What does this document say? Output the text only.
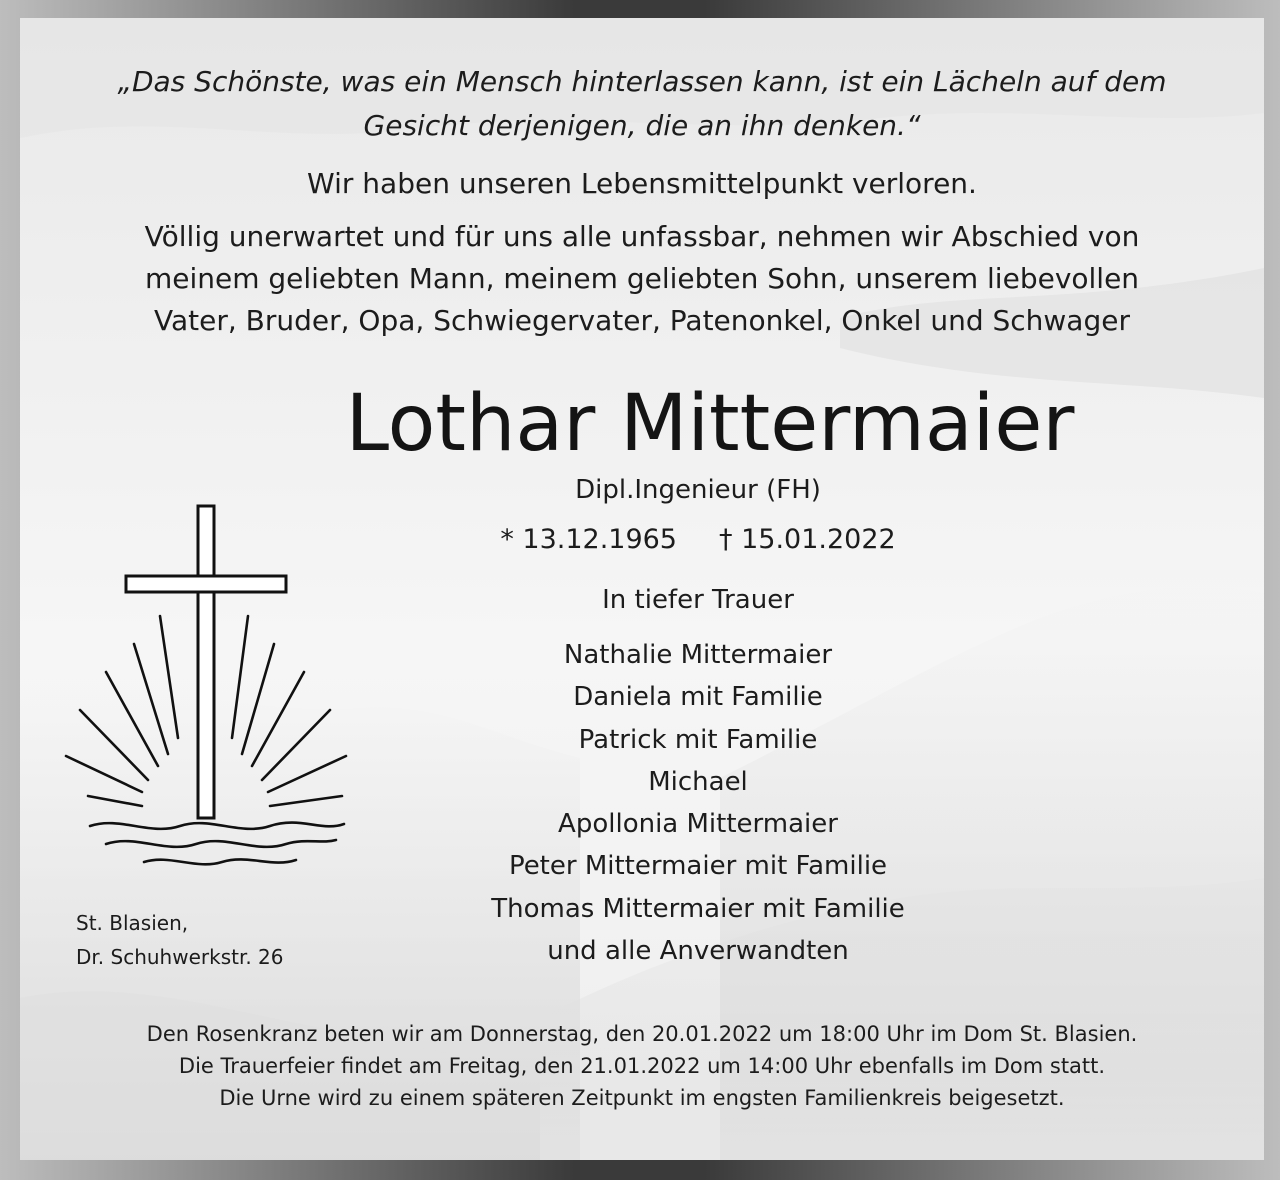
„Das Schönste, was ein Mensch hinterlassen kann, ist ein Lächeln auf dem
Gesicht derjenigen, die an ihn denken.“

Wir haben unseren Lebensmittelpunkt verloren.

Völlig unerwartet und für uns alle unfassbar, nehmen wir Abschied von
meinem geliebten Mann, meinem geliebten Sohn, unserem liebevollen
Vater, Bruder, Opa, Schwiegervater, Patenonkel, Onkel und Schwager

Lothar Mittermaier

Dipl.Ingenieur (FH)

* 13.12.1965 † 15.01.2022

In tiefer Trauer

Nathalie Mittermaier
Daniela mit Familie
Patrick mit Familie
Michael
Apollonia Mittermaier
Peter Mittermaier mit Familie
Thomas Mittermaier mit Familie
und alle Anverwandten

St. Blasien,
Dr. Schuhwerkstr. 26

Den Rosenkranz beten wir am Donnerstag, den 20.01.2022 um 18:00 Uhr im Dom St. Blasien.
Die Trauerfeier findet am Freitag, den 21.01.2022 um 14:00 Uhr ebenfalls im Dom statt.
Die Urne wird zu einem späteren Zeitpunkt im engsten Familienkreis beigesetzt.
